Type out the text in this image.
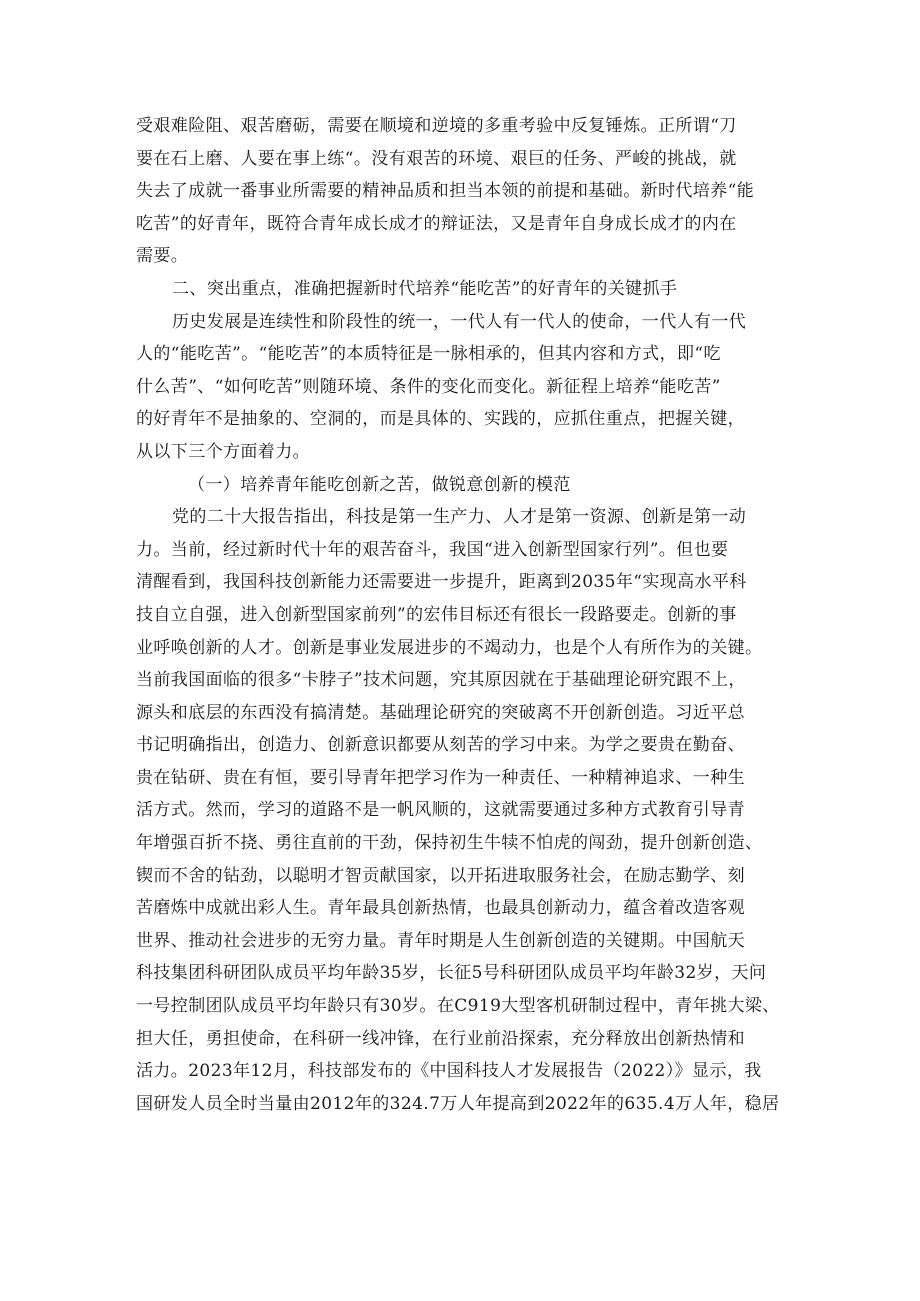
受艰难险阻、艰苦磨砺，需要在顺境和逆境的多重考验中反复锤炼。正所谓“刀
要在石上磨、人要在事上练“。没有艰苦的环境、艰巨的任务、严峻的挑战，就
失去了成就一番事业所需要的精神品质和担当本领的前提和基础。新时代培养“能
吃苦”的好青年，既符合青年成长成才的辩证法，又是青年自身成长成才的内在
需要。
二、突出重点，准确把握新时代培养“能吃苦”的好青年的关键抓手
历史发展是连续性和阶段性的统一，一代人有一代人的使命，一代人有一代
人的“能吃苦”。“能吃苦”的本质特征是一脉相承的，但其内容和方式，即“吃
什么苦”、“如何吃苦”则随环境、条件的变化而变化。新征程上培养“能吃苦”
的好青年不是抽象的、空洞的，而是具体的、实践的，应抓住重点，把握关键，
从以下三个方面着力。
（一）培养青年能吃创新之苦，做锐意创新的模范
党的二十大报告指出，科技是第一生产力、人才是第一资源、创新是第一动
力。当前，经过新时代十年的艰苦奋斗，我国“进入创新型国家行列”。但也要
清醒看到，我国科技创新能力还需要进一步提升，距离到2035年“实现高水平科
技自立自强，进入创新型国家前列”的宏伟目标还有很长一段路要走。创新的事
业呼唤创新的人才。创新是事业发展进步的不竭动力，也是个人有所作为的关键。
当前我国面临的很多“卡脖子”技术问题，究其原因就在于基础理论研究跟不上，
源头和底层的东西没有搞清楚。基础理论研究的突破离不开创新创造。习近平总
书记明确指出，创造力、创新意识都要从刻苦的学习中来。为学之要贵在勤奋、
贵在钻研、贵在有恒，要引导青年把学习作为一种责任、一种精神追求、一种生
活方式。然而，学习的道路不是一帆风顺的，这就需要通过多种方式教育引导青
年增强百折不挠、勇往直前的干劲，保持初生牛犊不怕虎的闯劲，提升创新创造、
锲而不舍的钻劲，以聪明才智贡献国家，以开拓进取服务社会，在励志勤学、刻
苦磨炼中成就出彩人生。青年最具创新热情，也最具创新动力，蕴含着改造客观
世界、推动社会进步的无穷力量。青年时期是人生创新创造的关键期。中国航天
科技集团科研团队成员平均年龄35岁，长征5号科研团队成员平均年龄32岁，天问
一号控制团队成员平均年龄只有30岁。在C919大型客机研制过程中，青年挑大梁、
担大任，勇担使命，在科研一线冲锋，在行业前沿探索，充分释放出创新热情和
活力。2023年12月，科技部发布的《中国科技人才发展报告（2022）》显示，我
国研发人员全时当量由2012年的324.7万人年提高到2022年的635.4万人年，稳居
